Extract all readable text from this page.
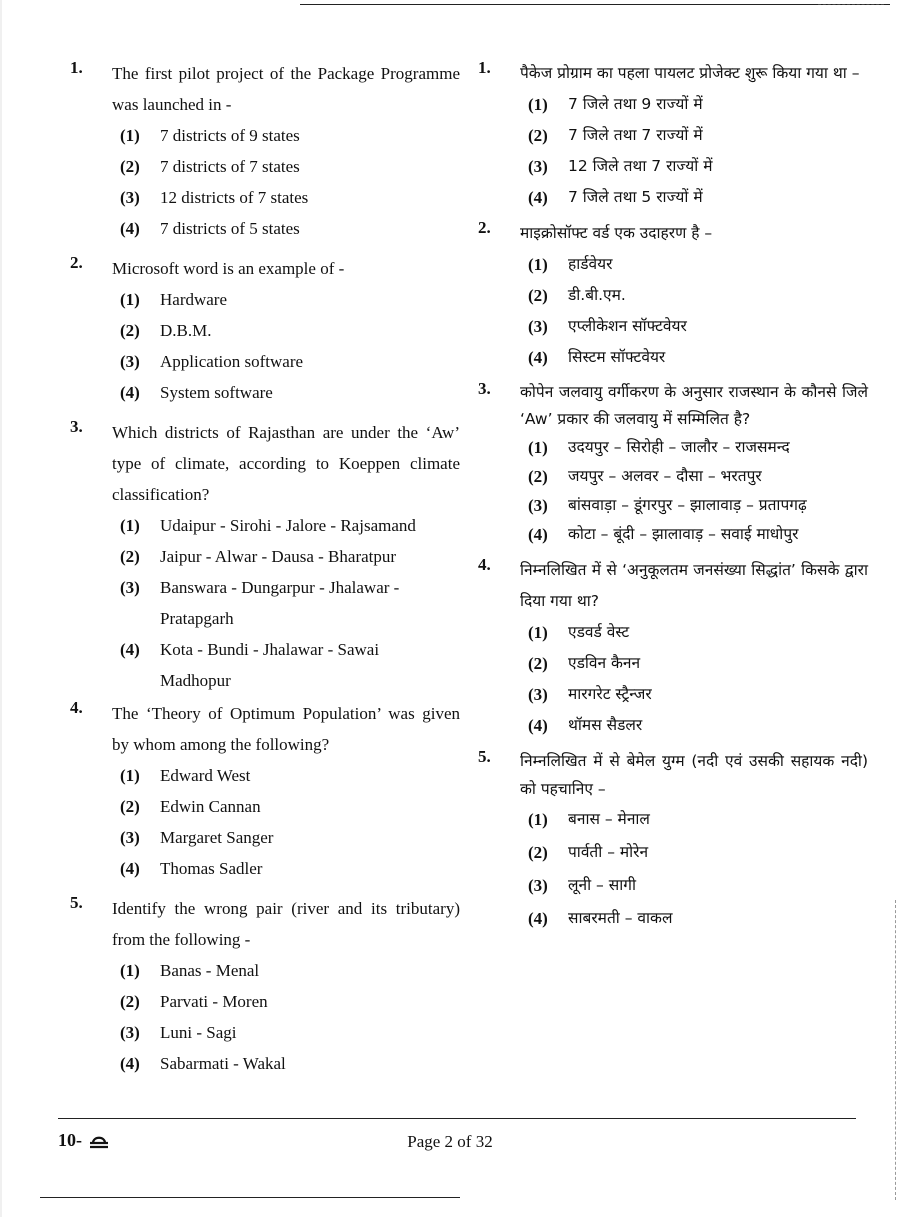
1. The first pilot project of the Package Programme was launched in -
(1) 7 districts of 9 states
(2) 7 districts of 7 states
(3) 12 districts of 7 states
(4) 7 districts of 5 states
2. Microsoft word is an example of -
(1) Hardware
(2) D.B.M.
(3) Application software
(4) System software
3. Which districts of Rajasthan are under the ‘Aw’ type of climate, according to Koeppen climate classification?
(1) Udaipur - Sirohi - Jalore - Rajsamand
(2) Jaipur - Alwar - Dausa - Bharatpur
(3) Banswara - Dungarpur - Jhalawar - Pratapgarh
(4) Kota - Bundi - Jhalawar - Sawai Madhopur
4. The ‘Theory of Optimum Population’ was given by whom among the following?
(1) Edward West
(2) Edwin Cannan
(3) Margaret Sanger
(4) Thomas Sadler
5. Identify the wrong pair (river and its tributary) from the following -
(1) Banas - Menal
(2) Parvati - Moren
(3) Luni - Sagi
(4) Sabarmati - Wakal
1. पैकेज प्रोग्राम का पहला पायलट प्रोजेक्ट शुरू किया गया था –
(1) 7 जिले तथा 9 राज्यों में
(2) 7 जिले तथा 7 राज्यों में
(3) 12 जिले तथा 7 राज्यों में
(4) 7 जिले तथा 5 राज्यों में
2. माइक्रोसॉफ्ट वर्ड एक उदाहरण है –
(1) हार्डवेयर
(2) डी.बी.एम.
(3) एप्लीकेशन सॉफ्टवेयर
(4) सिस्टम सॉफ्टवेयर
3. कोपेन जलवायु वर्गीकरण के अनुसार राजस्थान के कौनसे जिले ‘Aw’ प्रकार की जलवायु में सम्मिलित है?
(1) उदयपुर – सिरोही – जालौर – राजसमन्द
(2) जयपुर – अलवर – दौसा – भरतपुर
(3) बांसवाड़ा – डूंगरपुर – झालावाड़ – प्रतापगढ़
(4) कोटा – बूंदी – झालावाड़ – सवाई माधोपुर
4. निम्नलिखित में से ‘अनुकूलतम जनसंख्या सिद्धांत’ किसके द्वारा दिया गया था?
(1) एडवर्ड वेस्ट
(2) एडविन कैनन
(3) मारगरेट स्ट्रैन्जर
(4) थॉमस सैडलर
5. निम्नलिखित में से बेमेल युग्म (नदी एवं उसकी सहायक नदी) को पहचानिए –
(1) बनास – मेनाल
(2) पार्वती – मोरेन
(3) लूनी – सागी
(4) साबरमती – वाकल
10-	Page 2 of 32
